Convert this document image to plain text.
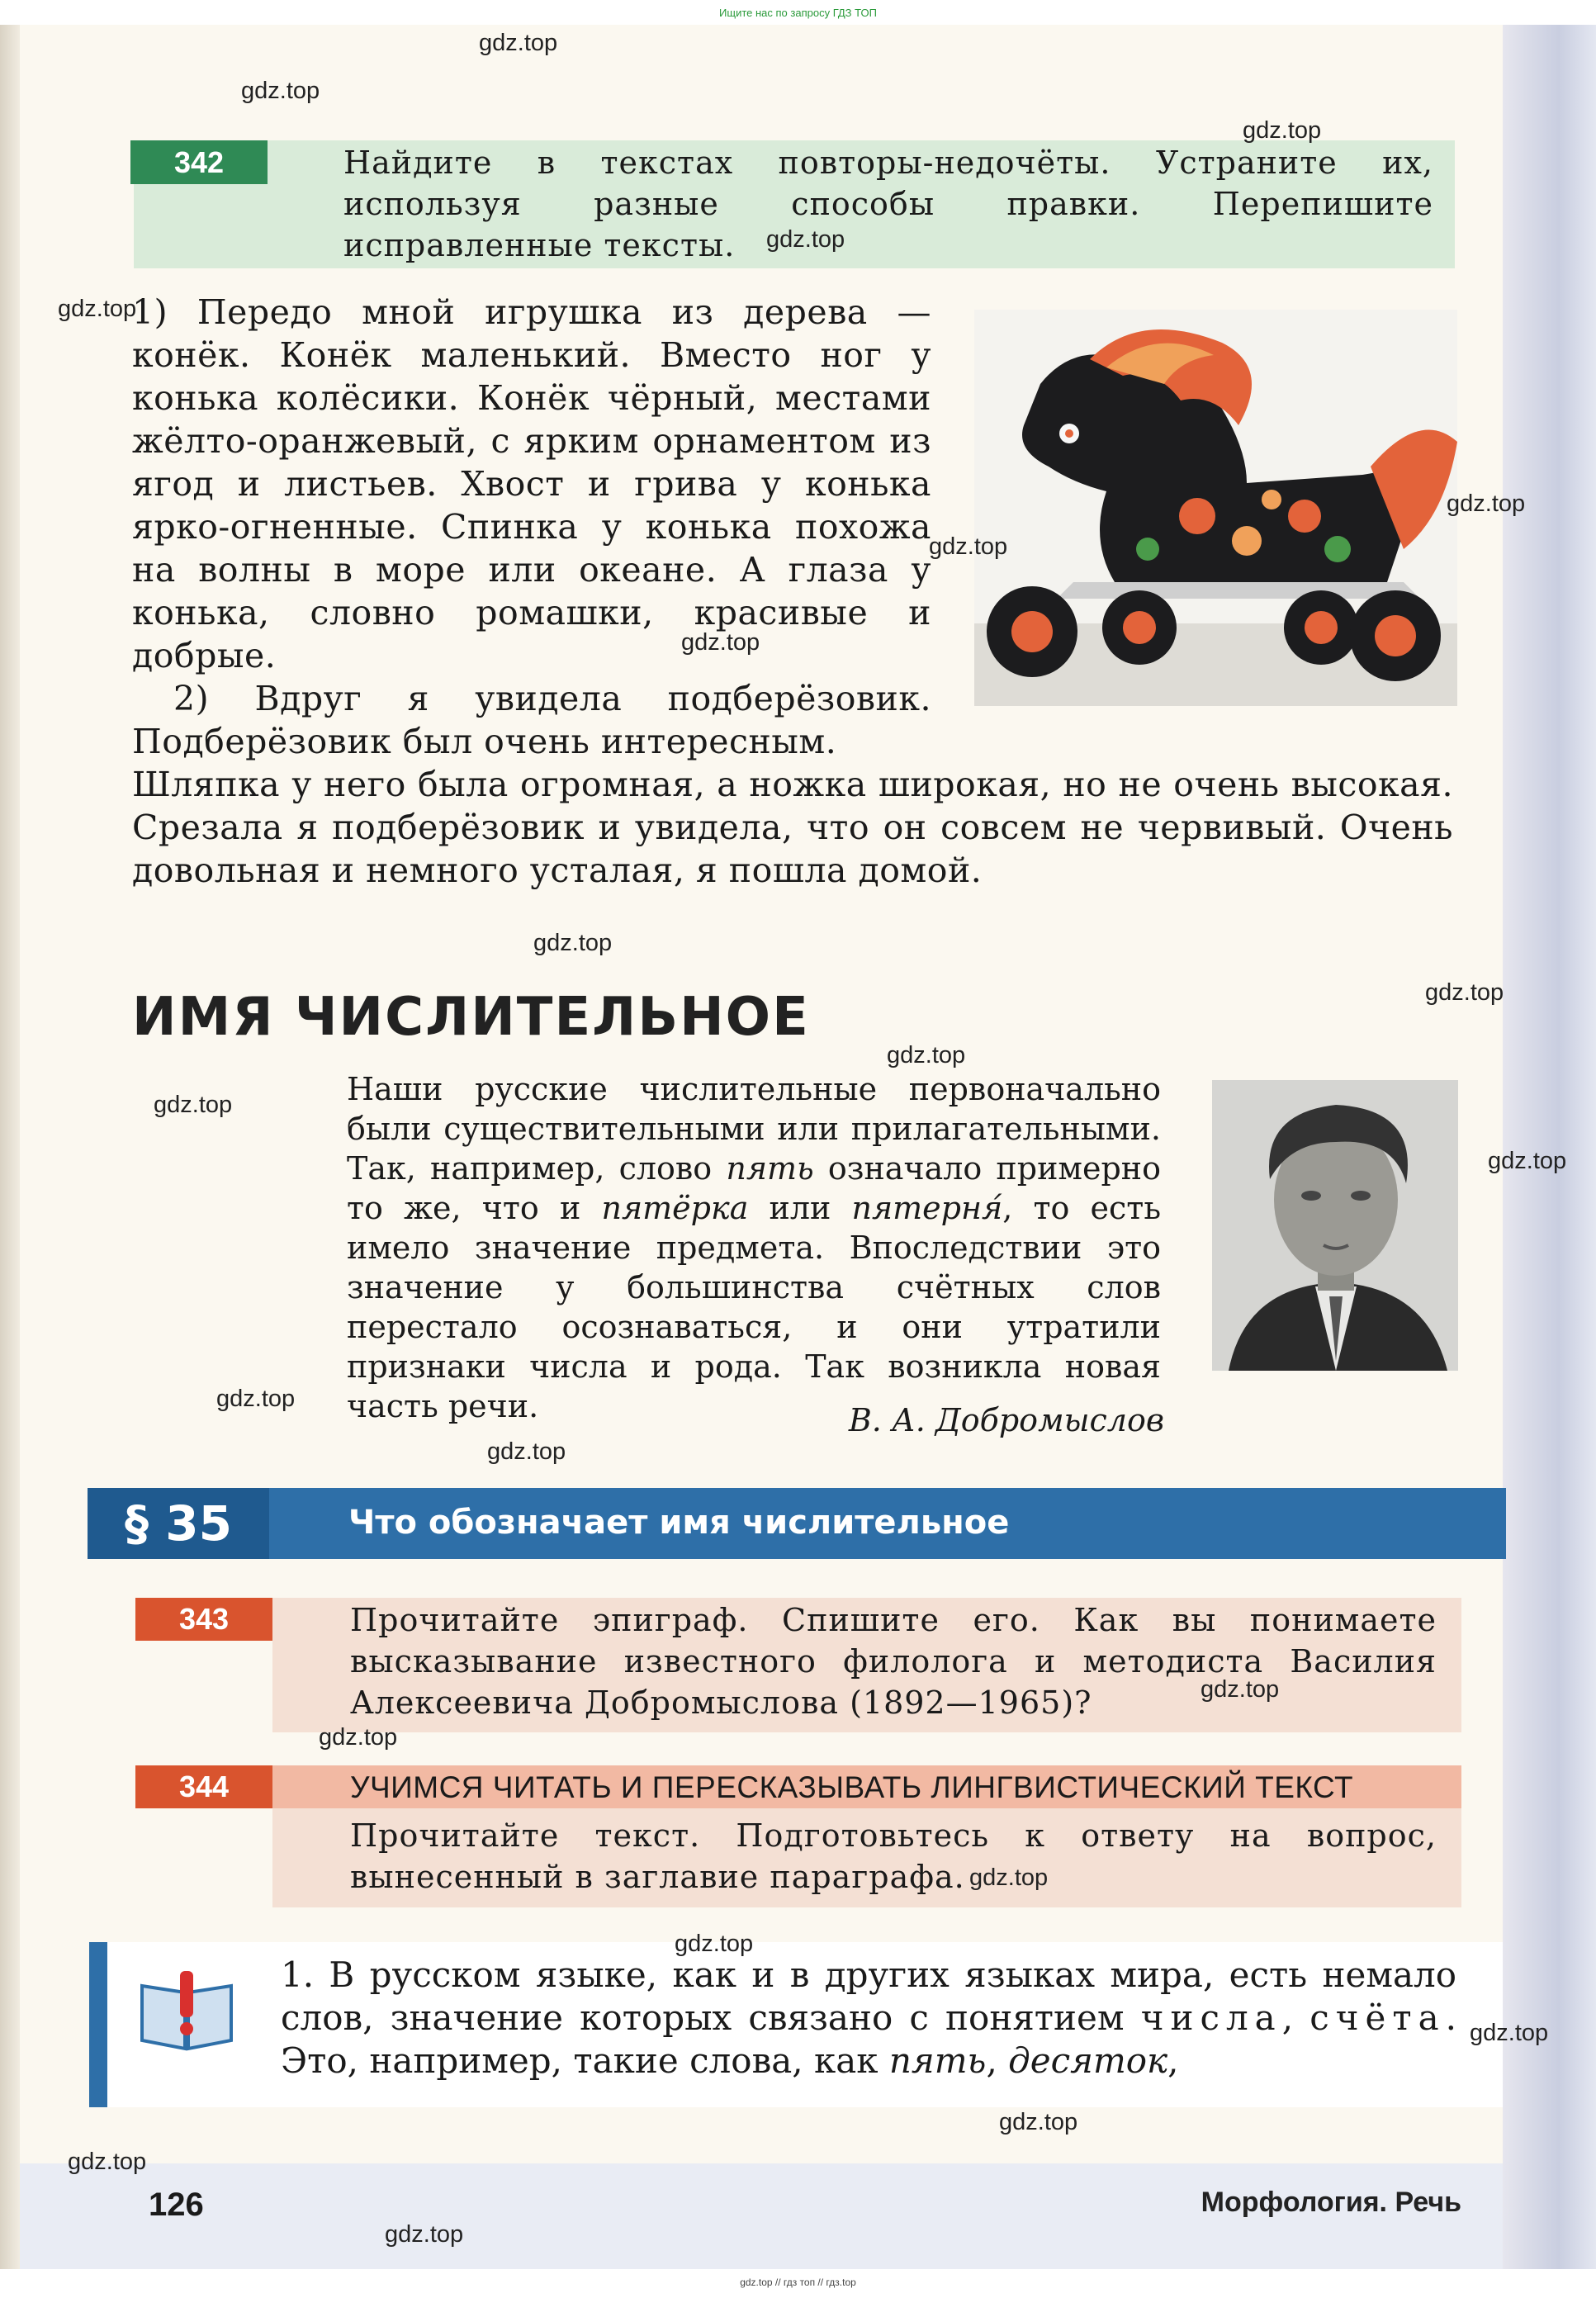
Ищите нас по запросу ГДЗ ТОП
342	Найдите в текстах повторы-недочёты. Устраните их, используя разные способы правки. Перепишите исправленные тексты.
1) Передо мной игрушка из дерева — конёк. Конёк маленький. Вместо ног у конька колёсики. Конёк чёрный, местами жёлто-оранжевый, с ярким орнаментом из ягод и листьев. Хвост и грива у конька ярко-огненные. Спинка у конька похожа на волны в море или океане. А глаза у конька, словно ромашки, красивые и добрые.
2) Вдруг я увидела подберёзовик. Подберёзовик был очень интересным.
Шляпка у него была огромная, а ножка широкая, но не очень высокая. Срезала я подберёзовик и увидела, что он совсем не червивый. Очень довольная и немного усталая, я пошла домой.
ИМЯ ЧИСЛИТЕЛЬНОЕ
Наши русские числительные первоначально были существительными или прилагательными. Так, например, слово пять означало примерно то же, что и пятёрка или пятерня́, то есть имело значение предмета. Впоследствии это значение у большинства счётных слов перестало осознаваться, и они утратили признаки числа и рода. Так возникла новая часть речи.	В. А. Добромыслов
§ 35	Что обозначает имя числительное
343	Прочитайте эпиграф. Спишите его. Как вы понимаете высказывание известного филолога и методиста Василия Алексеевича Добромыслова (1892—1965)?
344	УЧИМСЯ ЧИТАТЬ И ПЕРЕСКАЗЫВАТЬ ЛИНГВИСТИЧЕСКИЙ ТЕКСТ
Прочитайте текст. Подготовьтесь к ответу на вопрос, вынесенный в заглавие параграфа.
1. В русском языке, как и в других языках мира, есть немало слов, значение которых связано с понятием числа, счёта. Это, например, такие слова, как пять, десяток,
126	Морфология. Речь
gdz.top
gdz.top
gdz.top
gdz.top
gdz.top
gdz.top
gdz.top
gdz.top
gdz.top
gdz.top
gdz.top
gdz.top
gdz.top
gdz.top
gdz.top
gdz.top
gdz.top
gdz.top
gdz.top
gdz.top
gdz.top
gdz.top
gdz.top
gdz.top // гдз топ // гдз.top
